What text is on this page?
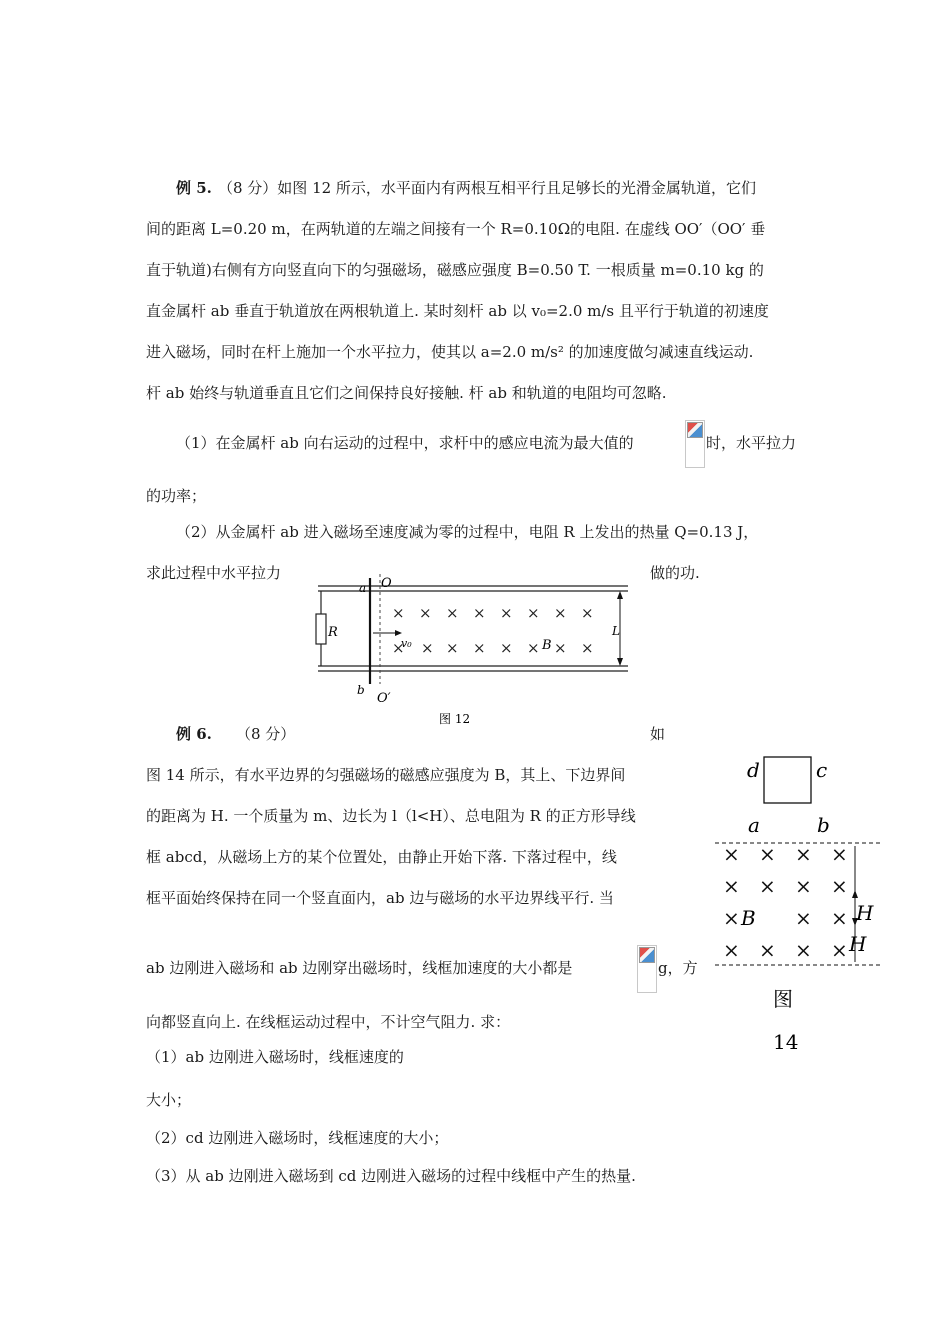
例 5. （8 分）如图 12 所示，水平面内有两根互相平行且足够长的光滑金属轨道，它们
间的距离 L=0.20 m，在两轨道的左端之间接有一个 R=0.10Ω的电阻. 在虚线 OO′（OO′ 垂
直于轨道)右侧有方向竖直向下的匀强磁场，磁感应强度 B=0.50 T. 一根质量 m=0.10 kg 的
直金属杆 ab 垂直于轨道放在两根轨道上. 某时刻杆 ab 以 v₀=2.0 m/s 且平行于轨道的初速度
进入磁场，同时在杆上施加一个水平拉力，使其以 a=2.0 m/s² 的加速度做匀减速直线运动.
杆 ab 始终与轨道垂直且它们之间保持良好接触. 杆 ab 和轨道的电阻均可忽略.
（1）在金属杆 ab 向右运动的过程中，求杆中的感应电流为最大值的	时，水平拉力
的功率；
（2）从金属杆 ab 进入磁场至速度减为零的过程中，电阻 R 上发出的热量 Q=0.13 J，
求此过程中水平拉力	做的功.
× × × × × × × ×
× × × × × × × ×
a O
R
v₀	B
L
b
O′
图 12
例 6. （8 分）	如
图 14 所示，有水平边界的匀强磁场的磁感应强度为 B，其上、下边界间
的距离为 H. 一个质量为 m、边长为 l（l<H）、总电阻为 R 的正方形导线
框 abcd，从磁场上方的某个位置处，由静止开始下落. 下落过程中，线
框平面始终保持在同一个竖直面内，ab 边与磁场的水平边界线平行. 当
ab 边刚进入磁场和 ab 边刚穿出磁场时，线框加速度的大小都是	g，方
向都竖直向上. 在线框运动过程中，不计空气阻力. 求：
（1）ab 边刚进入磁场时，线框速度的
大小；
（2）cd 边刚进入磁场时，线框速度的大小；
（3）从 ab 边刚进入磁场到 cd 边刚进入磁场的过程中线框中产生的热量.
× × × ×
× × × ×
×	× ×
× × × ×
d	c
a	b
B	H
H
图
14
